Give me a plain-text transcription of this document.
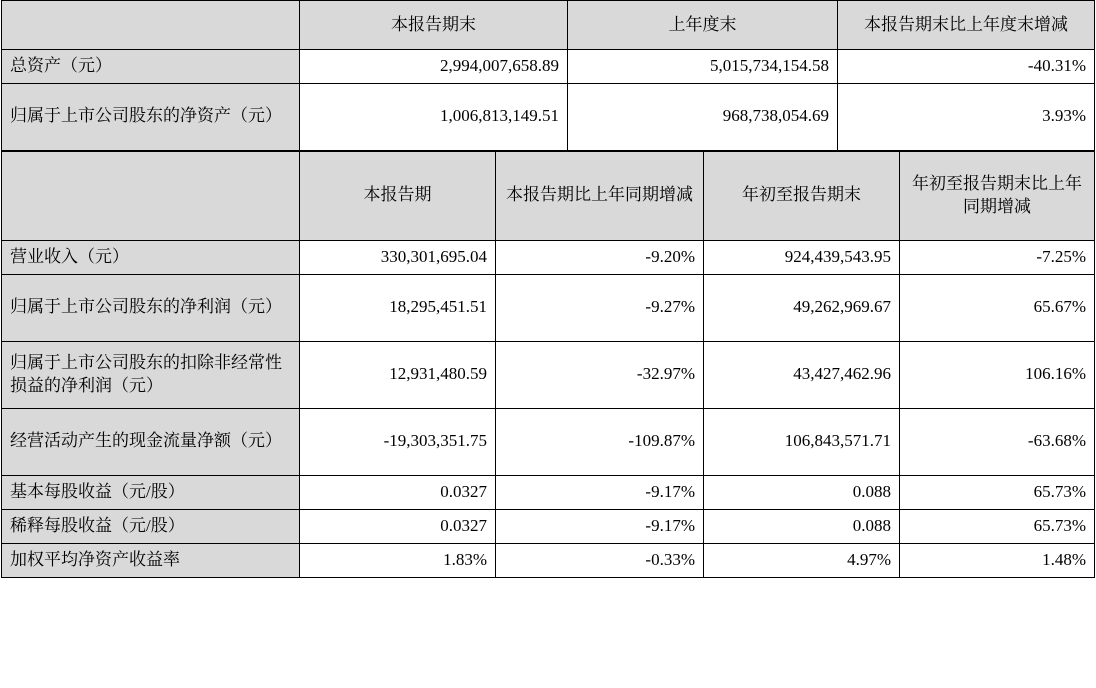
	本报告期末	上年度末	本报告期末比上年度末增减
总资产（元）	2,994,007,658.89	5,015,734,154.58	-40.31%
归属于上市公司股东的净资产（元）	1,006,813,149.51	968,738,054.69	3.93%
	本报告期	本报告期比上年同期增减	年初至报告期末	年初至报告期末比上年同期增减
营业收入（元）	330,301,695.04	-9.20%	924,439,543.95	-7.25%
归属于上市公司股东的净利润（元）	18,295,451.51	-9.27%	49,262,969.67	65.67%
归属于上市公司股东的扣除非经常性损益的净利润（元）	12,931,480.59	-32.97%	43,427,462.96	106.16%
经营活动产生的现金流量净额（元）	-19,303,351.75	-109.87%	106,843,571.71	-63.68%
基本每股收益（元/股）	0.0327	-9.17%	0.088	65.73%
稀释每股收益（元/股）	0.0327	-9.17%	0.088	65.73%
加权平均净资产收益率	1.83%	-0.33%	4.97%	1.48%
